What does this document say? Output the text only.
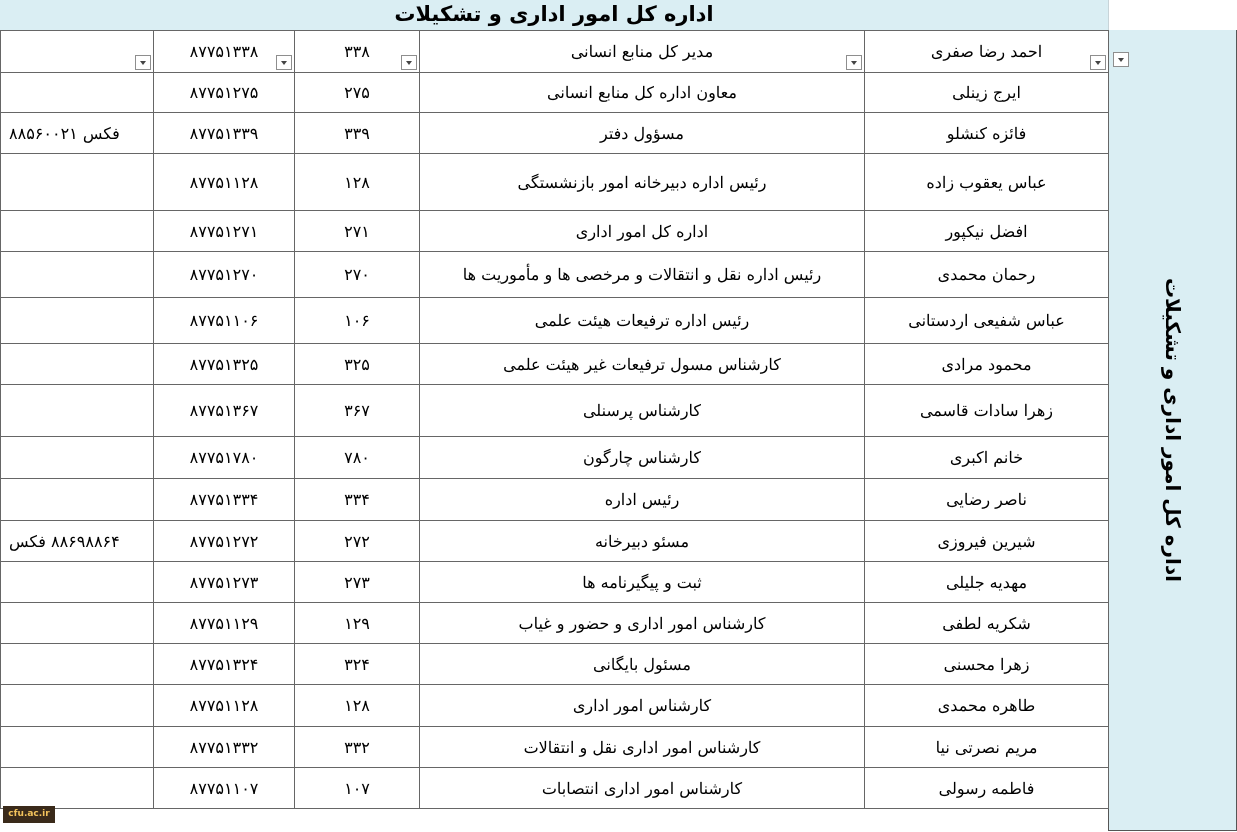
اداره کل امور اداری و تشکیلات
اداره کل امور اداری و تشکیلات
	۸۷۷۵۱۳۳۸	۳۳۸	مدیر کل منابع انسانی	احمد رضا صفری

	۸۷۷۵۱۲۷۵	۲۷۵	معاون اداره کل منابع انسانی	ایرج زینلی

فکس ۸۸۵۶۰۰۲۱	۸۷۷۵۱۳۳۹	۳۳۹	مسؤول دفتر	فائزه کنشلو

	۸۷۷۵۱۱۲۸	۱۲۸	رئیس اداره دبیرخانه امور بازنشستگی	عباس یعقوب زاده

	۸۷۷۵۱۲۷۱	۲۷۱	اداره کل امور اداری	افضل نیکپور

	۸۷۷۵۱۲۷۰	۲۷۰	رئیس اداره نقل و انتقالات و مرخصی ها و مأموریت ها	رحمان محمدی

	۸۷۷۵۱۱۰۶	۱۰۶	رئیس اداره ترفیعات هیئت علمی	عباس شفیعی اردستانی

	۸۷۷۵۱۳۲۵	۳۲۵	کارشناس مسول ترفیعات غیر هیئت علمی	محمود مرادی

	۸۷۷۵۱۳۶۷	۳۶۷	کارشناس پرسنلی	زهرا سادات قاسمی

	۸۷۷۵۱۷۸۰	۷۸۰	کارشناس چارگون	خانم اکبری

	۸۷۷۵۱۳۳۴	۳۳۴	رئیس اداره	ناصر رضایی

۸۸۶۹۸۸۶۴ فکس	۸۷۷۵۱۲۷۲	۲۷۲	مسئو دبیرخانه	شیرین فیروزی

	۸۷۷۵۱۲۷۳	۲۷۳	ثبت و پیگیرنامه ها	مهدیه جلیلی

	۸۷۷۵۱۱۲۹	۱۲۹	کارشناس امور اداری و حضور و غیاب	شکریه لطفی

	۸۷۷۵۱۳۲۴	۳۲۴	مسئول بایگانی	زهرا محسنی

	۸۷۷۵۱۱۲۸	۱۲۸	کارشناس امور اداری	طاهره محمدی

	۸۷۷۵۱۳۳۲	۳۳۲	کارشناس امور اداری نقل و انتقالات	مریم نصرتی نیا

	۸۷۷۵۱۱۰۷	۱۰۷	کارشناس امور اداری انتصابات	فاطمه رسولی
cfu.ac.ir
